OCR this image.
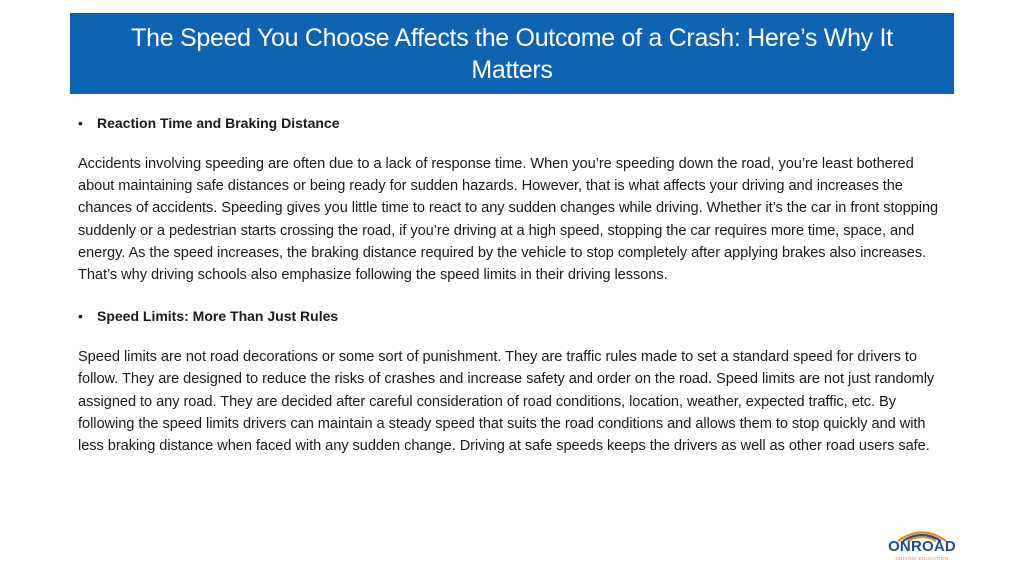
The Speed You Choose Affects the Outcome of a Crash: Here’s Why It Matters
•	Reaction Time and Braking Distance

Accidents involving speeding are often due to a lack of response time. When you’re speeding down the road, you’re least bothered about maintaining safe distances or being ready for sudden hazards. However, that is what affects your driving and increases the chances of accidents. Speeding gives you little time to react to any sudden changes while driving. Whether it’s the car in front stopping suddenly or a pedestrian starts crossing the road, if you’re driving at a high speed, stopping the car requires more time, space, and energy. As the speed increases, the braking distance required by the vehicle to stop completely after applying brakes also increases. That’s why driving schools also emphasize following the speed limits in their driving lessons.

•	Speed Limits: More Than Just Rules

Speed limits are not road decorations or some sort of punishment. They are traffic rules made to set a standard speed for drivers to follow. They are designed to reduce the risks of crashes and increase safety and order on the road. Speed limits are not just randomly assigned to any road. They are decided after careful consideration of road conditions, location, weather, expected traffic, etc. By following the speed limits drivers can maintain a steady speed that suits the road conditions and allows them to stop quickly and with less braking distance when faced with any sudden change. Driving at safe speeds keeps the drivers as well as other road users safe.

ONROAD
DRIVING EDUCATION
